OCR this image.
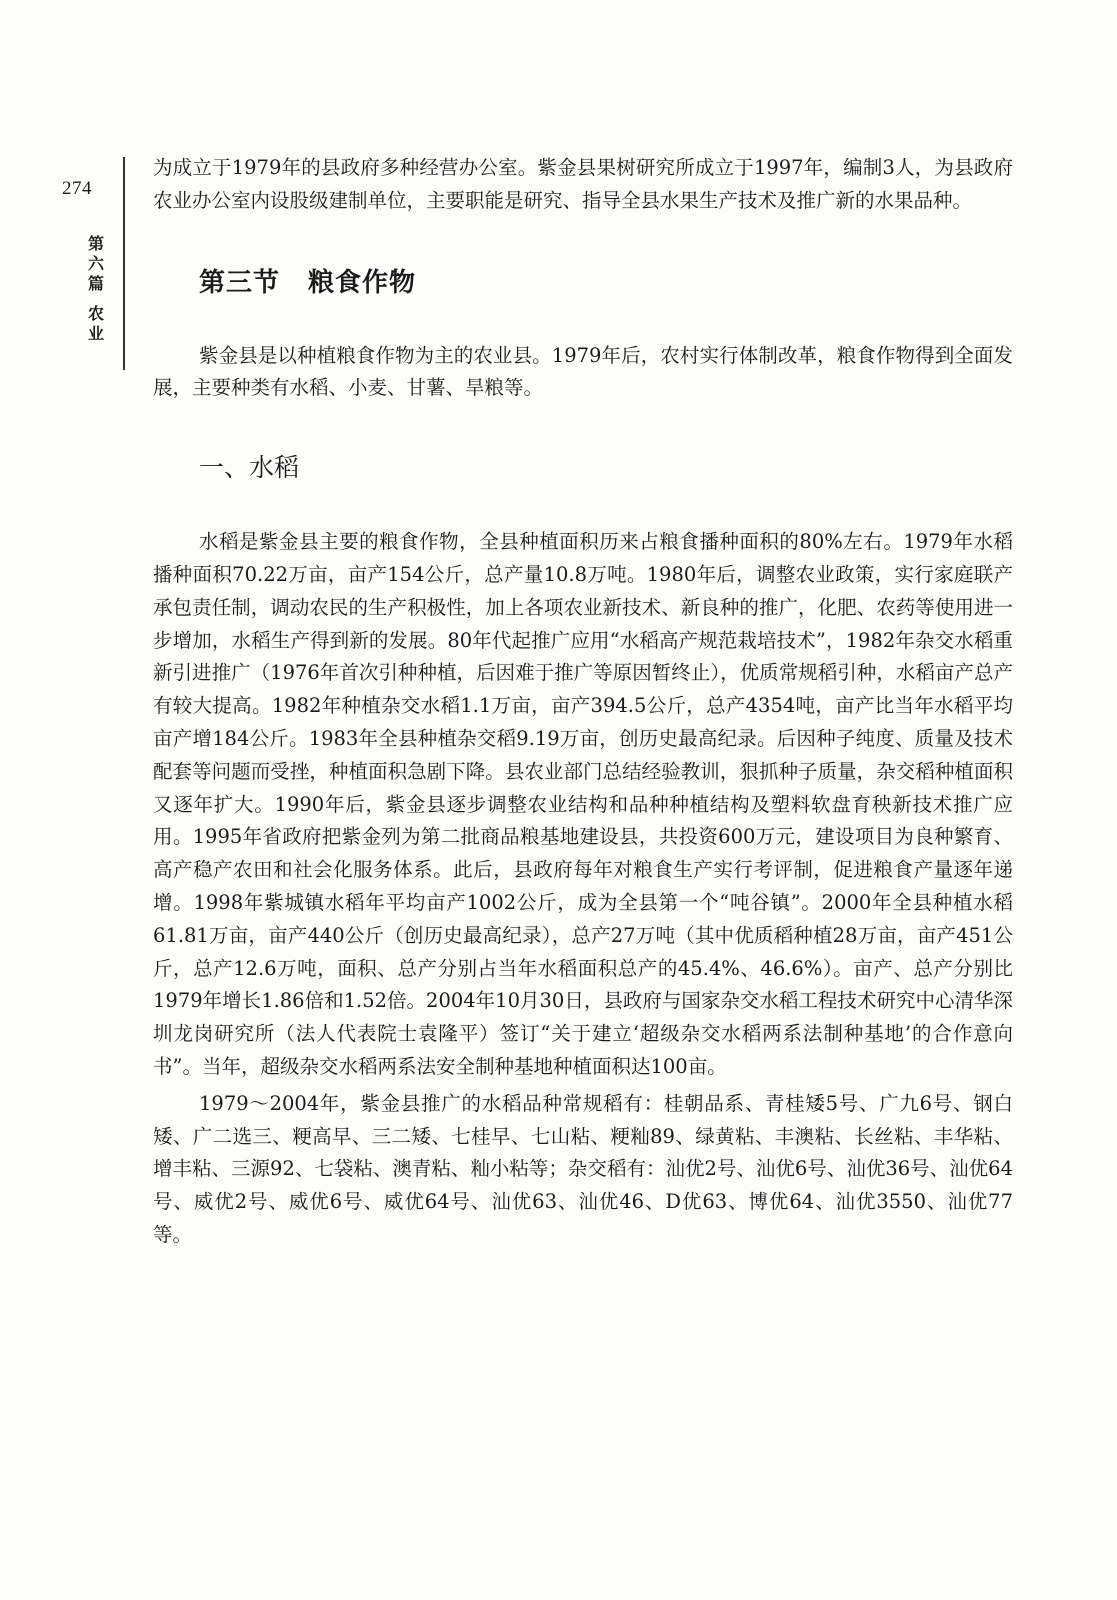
274
第六篇
农业

为成立于1979年的县政府多种经营办公室。紫金县果树研究所成立于1997年，编制3人，为县政府农业办公室内设股级建制单位，主要职能是研究、指导全县水果生产技术及推广新的水果品种。

第三节 粮食作物

紫金县是以种植粮食作物为主的农业县。1979年后，农村实行体制改革，粮食作物得到全面发展，主要种类有水稻、小麦、甘薯、旱粮等。

一、水稻

水稻是紫金县主要的粮食作物，全县种植面积历来占粮食播种面积的80%左右。1979年水稻播种面积70.22万亩，亩产154公斤，总产量10.8万吨。1980年后，调整农业政策，实行家庭联产承包责任制，调动农民的生产积极性，加上各项农业新技术、新良种的推广，化肥、农药等使用进一步增加，水稻生产得到新的发展。80年代起推广应用“水稻高产规范栽培技术”，1982年杂交水稻重新引进推广（1976年首次引种种植，后因难于推广等原因暂终止），优质常规稻引种，水稻亩产总产有较大提高。1982年种植杂交水稻1.1万亩，亩产394.5公斤，总产4354吨，亩产比当年水稻平均亩产增184公斤。1983年全县种植杂交稻9.19万亩，创历史最高纪录。后因种子纯度、质量及技术配套等问题而受挫，种植面积急剧下降。县农业部门总结经验教训，狠抓种子质量，杂交稻种植面积又逐年扩大。1990年后，紫金县逐步调整农业结构和品种种植结构及塑料软盘育秧新技术推广应用。1995年省政府把紫金列为第二批商品粮基地建设县，共投资600万元，建设项目为良种繁育、高产稳产农田和社会化服务体系。此后，县政府每年对粮食生产实行考评制，促进粮食产量逐年递增。1998年紫城镇水稻年平均亩产1002公斤，成为全县第一个“吨谷镇”。2000年全县种植水稻61.81万亩，亩产440公斤（创历史最高纪录），总产27万吨（其中优质稻种植28万亩，亩产451公斤，总产12.6万吨，面积、总产分别占当年水稻面积总产的45.4%、46.6%）。亩产、总产分别比1979年增长1.86倍和1.52倍。2004年10月30日，县政府与国家杂交水稻工程技术研究中心清华深圳龙岗研究所（法人代表院士袁隆平）签订“关于建立‘超级杂交水稻两系法制种基地’的合作意向书”。当年，超级杂交水稻两系法安全制种基地种植面积达100亩。

1979～2004年，紫金县推广的水稻品种常规稻有：桂朝品系、青桂矮5号、广九6号、钢白矮、广二选三、粳高早、三二矮、七桂早、七山粘、粳籼89、绿黄粘、丰澳粘、长丝粘、丰华粘、增丰粘、三源92、七袋粘、澳青粘、籼小粘等；杂交稻有：汕优2号、汕优6号、汕优36号、汕优64号、威优2号、威优6号、威优64号、汕优63、汕优46、D优63、博优64、汕优3550、汕优77等。
